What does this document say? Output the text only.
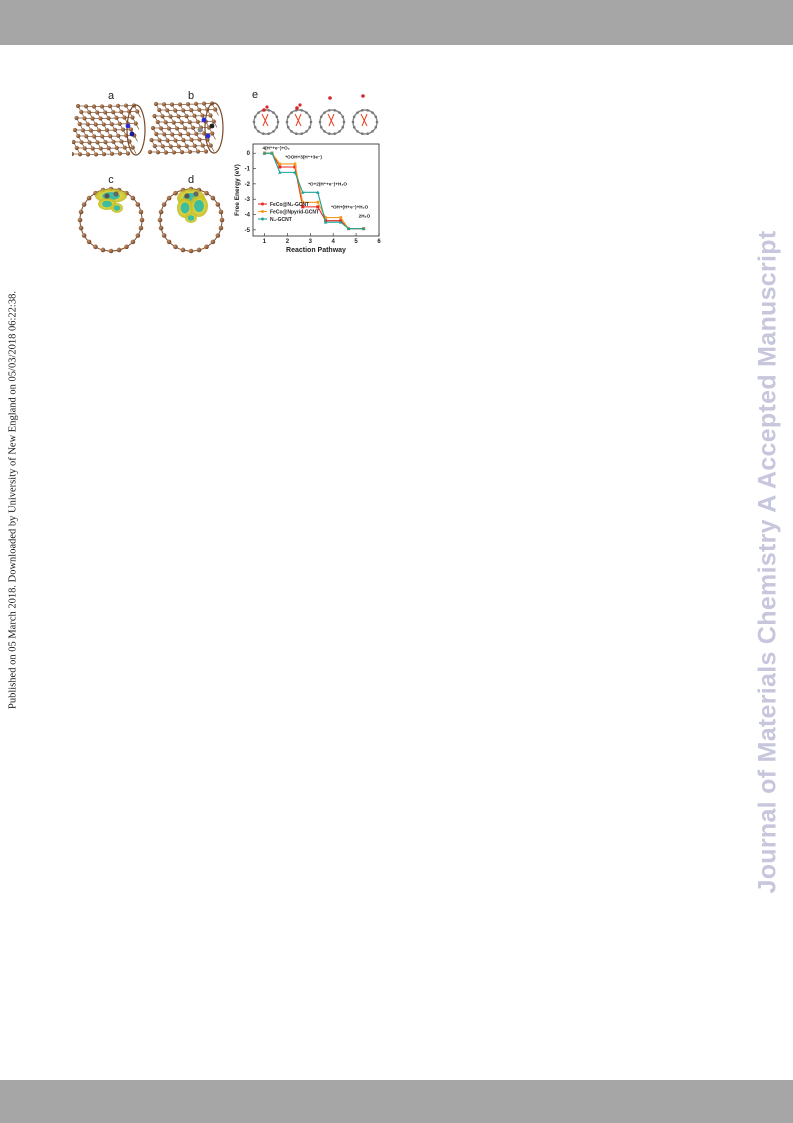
Published on 05 March 2018. Downloaded by University of New England on 05/03/2018 06:22:38.	Journal of Materials Chemistry A Accepted Manuscript
a	b
c	d
e
Free Energy (eV)
Reaction Pathway
0
-1
-2
-3
-4
-5
1	2	3	4	5	6
4(H⁺+e⁻)+O₂
*OOH+3(H⁺+3e⁻)
*O+2(H⁺+e⁻)+H₂O
*OH+(H+e⁻)+H₂O
2H₂O
FeCo@N₄-GCNT
FeCo@Npyrid-GCNT
N₄-GCNT
